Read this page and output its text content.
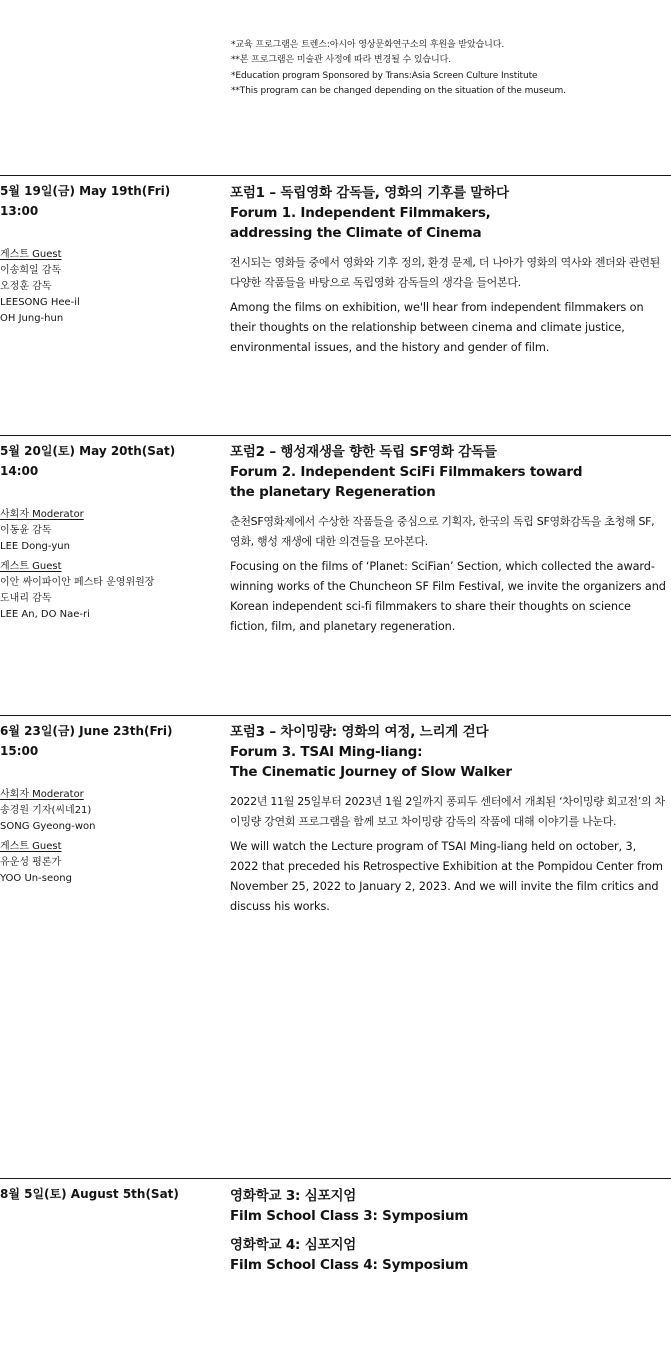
*교육 프로그램은 트렌스:아시아 영상문화연구소의 후원을 받았습니다.
**본 프로그램은 미술관 사정에 따라 변경될 수 있습니다.
*Education program Sponsored by Trans:Asia Screen Culture Institute
**This program can be changed depending on the situation of the museum.
5월 19일(금) May 19th(Fri)
13:00
게스트 Guest
이송희일 감독
오정훈 감독
LEESONG Hee-il
OH Jung-hun
포럼1 – 독립영화 감독들, 영화의 기후를 말하다
Forum 1. Independent Filmmakers,
addressing the Climate of Cinema
전시되는 영화들 중에서 영화와 기후 정의, 환경 문제, 더 나아가 영화의 역사와 젠더와 관련된 다양한 작품들을 바탕으로 독립영화 감독들의 생각을 들어본다.
Among the films on exhibition, we'll hear from independent filmmakers on their thoughts on the relationship between cinema and climate justice, environmental issues, and the history and gender of film.
5월 20일(토) May 20th(Sat)
14:00
사회자 Moderator
이동윤 감독
LEE Dong-yun
게스트 Guest
이안 싸이파이안 페스타 운영위원장
도내리 감독
LEE An, DO Nae-ri
포럼2 – 행성재생을 향한 독립 SF영화 감독들
Forum 2. Independent SciFi Filmmakers toward
the planetary Regeneration
춘천SF영화제에서 수상한 작품들을 중심으로 기획자, 한국의 독립 SF영화감독을 초청해 SF, 영화, 행성 재생에 대한 의견들을 모아본다.
Focusing on the films of ‘Planet: SciFian’ Section, which collected the award-winning works of the Chuncheon SF Film Festival, we invite the organizers and Korean independent sci-fi filmmakers to share their thoughts on science fiction, film, and planetary regeneration.
6월 23일(금) June 23th(Fri)
15:00
사회자 Moderator
송경원 기자(씨네21)
SONG Gyeong-won
게스트 Guest
유운성 평론가
YOO Un-seong
포럼3 – 차이밍량: 영화의 여정, 느리게 걷다
Forum 3. TSAI Ming-liang:
The Cinematic Journey of Slow Walker
2022년 11월 25일부터 2023년 1월 2일까지 퐁피두 센터에서 개최된 ‘차이밍량 회고전’의 차이밍량 강연회 프로그램을 함께 보고 차이밍량 감독의 작품에 대해 이야기를 나눈다.
We will watch the Lecture program of TSAI Ming-liang held on october, 3, 2022 that preceded his Retrospective Exhibition at the Pompidou Center from November 25, 2022 to January 2, 2023. And we will invite the film critics and discuss his works.
8월 5일(토) August 5th(Sat)	영화학교 3: 심포지엄
Film School Class 3: Symposium
영화학교 4: 심포지엄
Film School Class 4: Symposium
